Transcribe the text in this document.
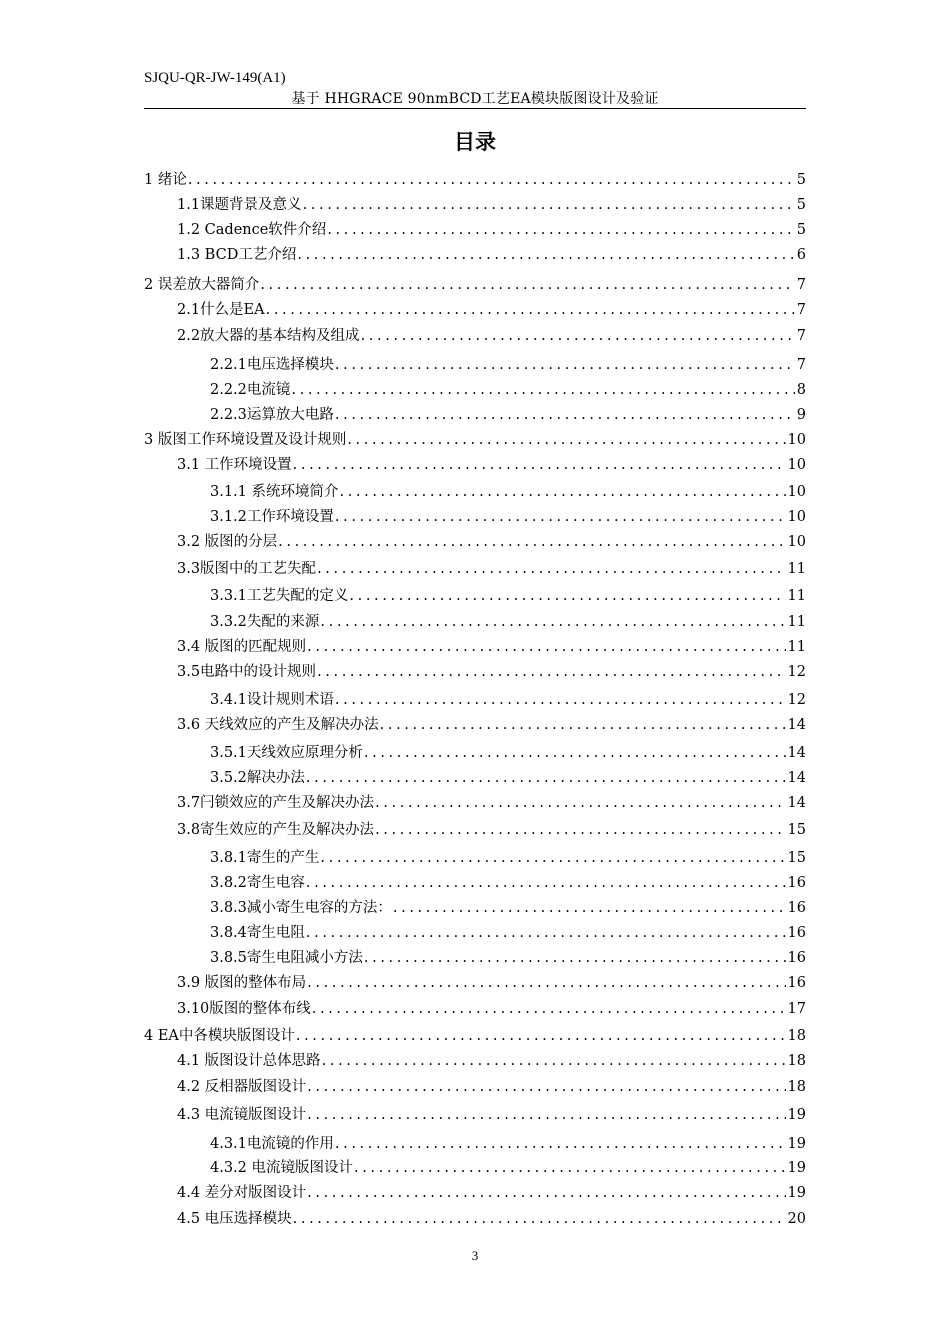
SJQU-QR-JW-149(A1)
基于 HHGRACE 90nmBCD工艺EA模块版图设计及验证
目录
1 绪论 .....	5
1.1课题背景及意义 .....	5
1.2 Cadence软件介绍 .....	5
1.3 BCD工艺介绍 .....	6
2 误差放大器简介 .....	7
2.1什么是EA .....	7
2.2放大器的基本结构及组成 .....	7
2.2.1电压选择模块 .....	7
2.2.2电流镜 .....	8
2.2.3运算放大电路 .....	9
3 版图工作环境设置及设计规则 .....	10
3.1 工作环境设置 .....	10
3.1.1 系统环境简介 .....	10
3.1.2工作环境设置 .....	10
3.2 版图的分层 .....	10
3.3版图中的工艺失配 .....	11
3.3.1工艺失配的定义 .....	11
3.3.2失配的来源 .....	11
3.4 版图的匹配规则 .....	11
3.5电路中的设计规则 .....	12
3.4.1设计规则术语 .....	12
3.6 天线效应的产生及解决办法 .....	14
3.5.1天线效应原理分析 .....	14
3.5.2解决办法 .....	14
3.7闩锁效应的产生及解决办法 .....	14
3.8寄生效应的产生及解决办法 .....	15
3.8.1寄生的产生 .....	15
3.8.2寄生电容 .....	16
3.8.3减小寄生电容的方法： .....	16
3.8.4寄生电阻 .....	16
3.8.5寄生电阻减小方法 .....	16
3.9 版图的整体布局 .....	16
3.10版图的整体布线 .....	17
4 EA中各模块版图设计 .....	18
4.1 版图设计总体思路 .....	18
4.2 反相器版图设计 .....	18
4.3 电流镜版图设计 .....	19
4.3.1电流镜的作用 .....	19
4.3.2 电流镜版图设计 .....	19
4.4 差分对版图设计 .....	19
4.5 电压选择模块 .....	20
3
